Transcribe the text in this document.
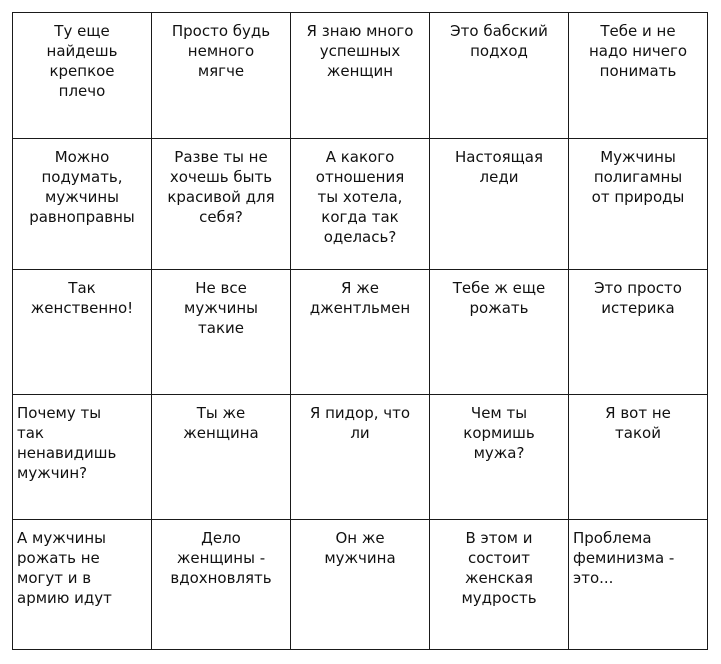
Ту еще
найдешь
крепкое
плечо	Просто будь
немного
мягче	Я знаю много
успешных
женщин	Это бабский
подход	Тебе и не
надо ничего
понимать

Можно
подумать,
мужчины
равноправны	Разве ты не
хочешь быть
красивой для
себя?	А какого
отношения
ты хотела,
когда так
оделась?	Настоящая
леди	Мужчины
полигамны
от природы

Так
женственно!	Не все
мужчины
такие	Я же
джентльмен	Тебе ж еще
рожать	Это просто
истерика

Почему ты
так
ненавидишь
мужчин?	Ты же
женщина	Я пидор, что
ли	Чем ты
кормишь
мужа?	Я вот не
такой

А мужчины
рожать не
могут и в
армию идут	Дело
женщины -
вдохновлять	Он же
мужчина	В этом и
состоит
женская
мудрость	Проблема
феминизма -
это...
